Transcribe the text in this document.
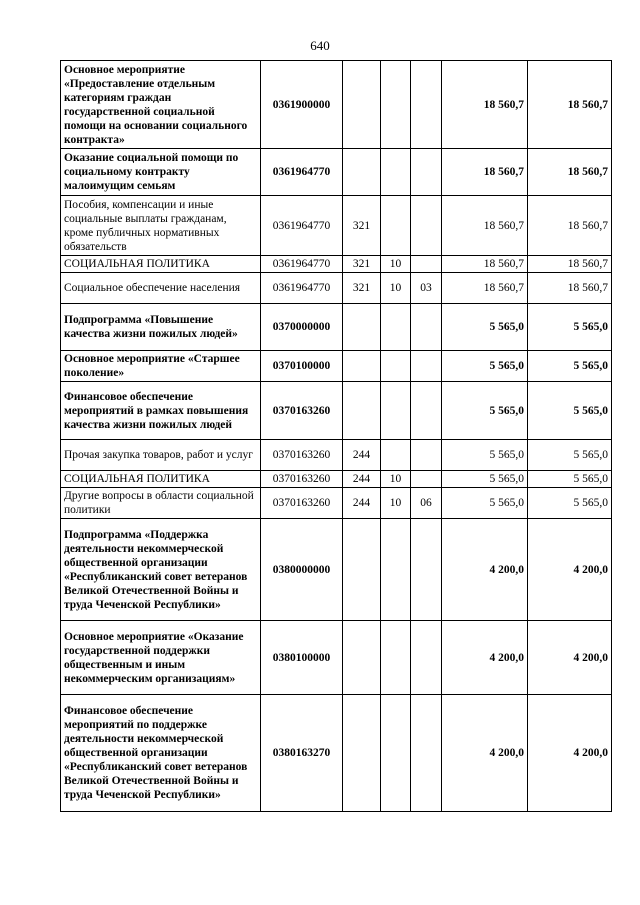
640
Основное мероприятие «Предоставление отдельным категориям граждан государственной социальной помощи на основании социального контракта»	0361900000				18 560,7	18 560,7
Оказание социальной помощи по социальному контракту малоимущим семьям	0361964770				18 560,7	18 560,7
Пособия, компенсации и иные социальные выплаты гражданам, кроме публичных нормативных обязательств	0361964770	321			18 560,7	18 560,7
СОЦИАЛЬНАЯ ПОЛИТИКА	0361964770	321	10		18 560,7	18 560,7
Социальное обеспечение населения	0361964770	321	10	03	18 560,7	18 560,7
Подпрограмма «Повышение качества жизни пожилых людей»	0370000000				5 565,0	5 565,0
Основное мероприятие «Старшее поколение»	0370100000				5 565,0	5 565,0
Финансовое обеспечение мероприятий в рамках повышения качества жизни пожилых людей	0370163260				5 565,0	5 565,0
Прочая закупка товаров, работ и услуг	0370163260	244			5 565,0	5 565,0
СОЦИАЛЬНАЯ ПОЛИТИКА	0370163260	244	10		5 565,0	5 565,0
Другие вопросы в области социальной политики	0370163260	244	10	06	5 565,0	5 565,0
Подпрограмма «Поддержка деятельности некоммерческой общественной организации «Республиканский совет ветеранов Великой Отечественной Войны и труда Чеченской Республики»	0380000000				4 200,0	4 200,0
Основное мероприятие «Оказание государственной поддержки общественным и иным некоммерческим организациям»	0380100000				4 200,0	4 200,0
Финансовое обеспечение мероприятий по поддержке деятельности некоммерческой общественной организации «Республиканский совет ветеранов Великой Отечественной Войны и труда Чеченской Республики»	0380163270				4 200,0	4 200,0
